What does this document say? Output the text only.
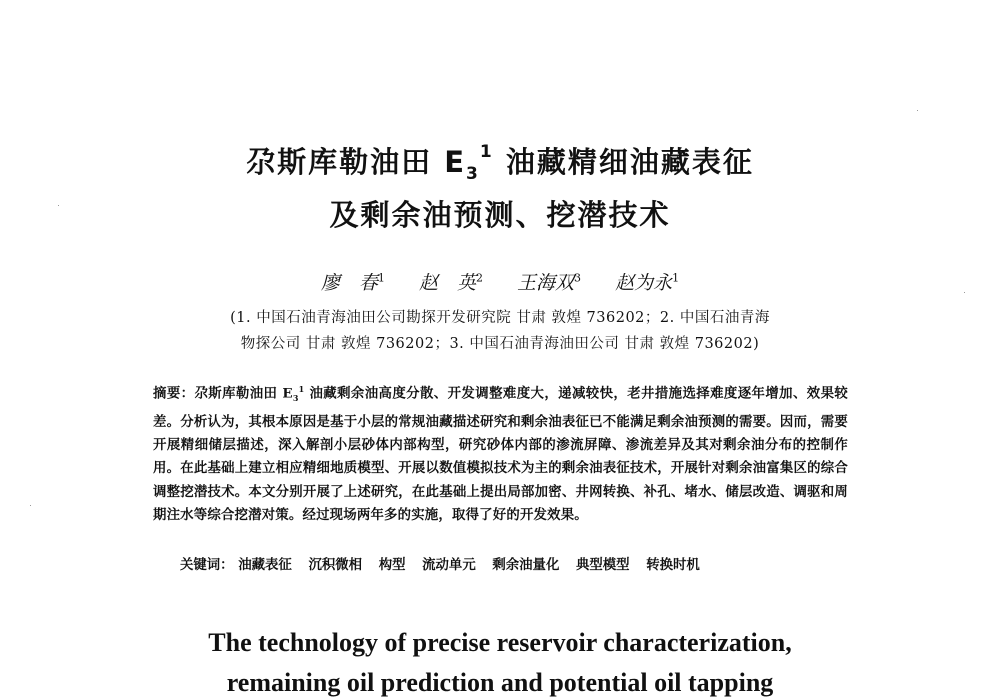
尕斯库勒油田 $E_3^1$ 油藏精细油藏表征
及剩余油预测、挖潜技术

廖　春$^1$ 赵　英$^2$ 王海双$^3$ 赵为永$^1$

(1. 中国石油青海油田公司勘探开发研究院 甘肃 敦煌 736202；2. 中国石油青海

物探公司 甘肃 敦煌 736202；3. 中国石油青海油田公司 甘肃 敦煌 736202)

摘要：尕斯库勒油田 $E_3^1$ 油藏剩余油高度分散、开发调整难度大，递减较快，老井措施选择难度逐年增加、效果较差。分析认为，其根本原因是基于小层的常规油藏描述研究和剩余油表征已不能满足剩余油预测的需要。因而，需要开展精细储层描述，深入解剖小层砂体内部构型，研究砂体内部的渗流屏障、渗流差异及其对剩余油分布的控制作用。在此基础上建立相应精细地质模型、开展以数值模拟技术为主的剩余油表征技术，开展针对剩余油富集区的综合调整挖潜技术。本文分别开展了上述研究，在此基础上提出局部加密、井网转换、补孔、堵水、储层改造、调驱和周期注水等综合挖潜对策。经过现场两年多的实施，取得了好的开发效果。

关键词： 油藏表征 沉积微相 构型 流动单元 剩余油量化 典型模型 转换时机

The technology of precise reservoir characterization,
remaining oil prediction and potential oil tapping
